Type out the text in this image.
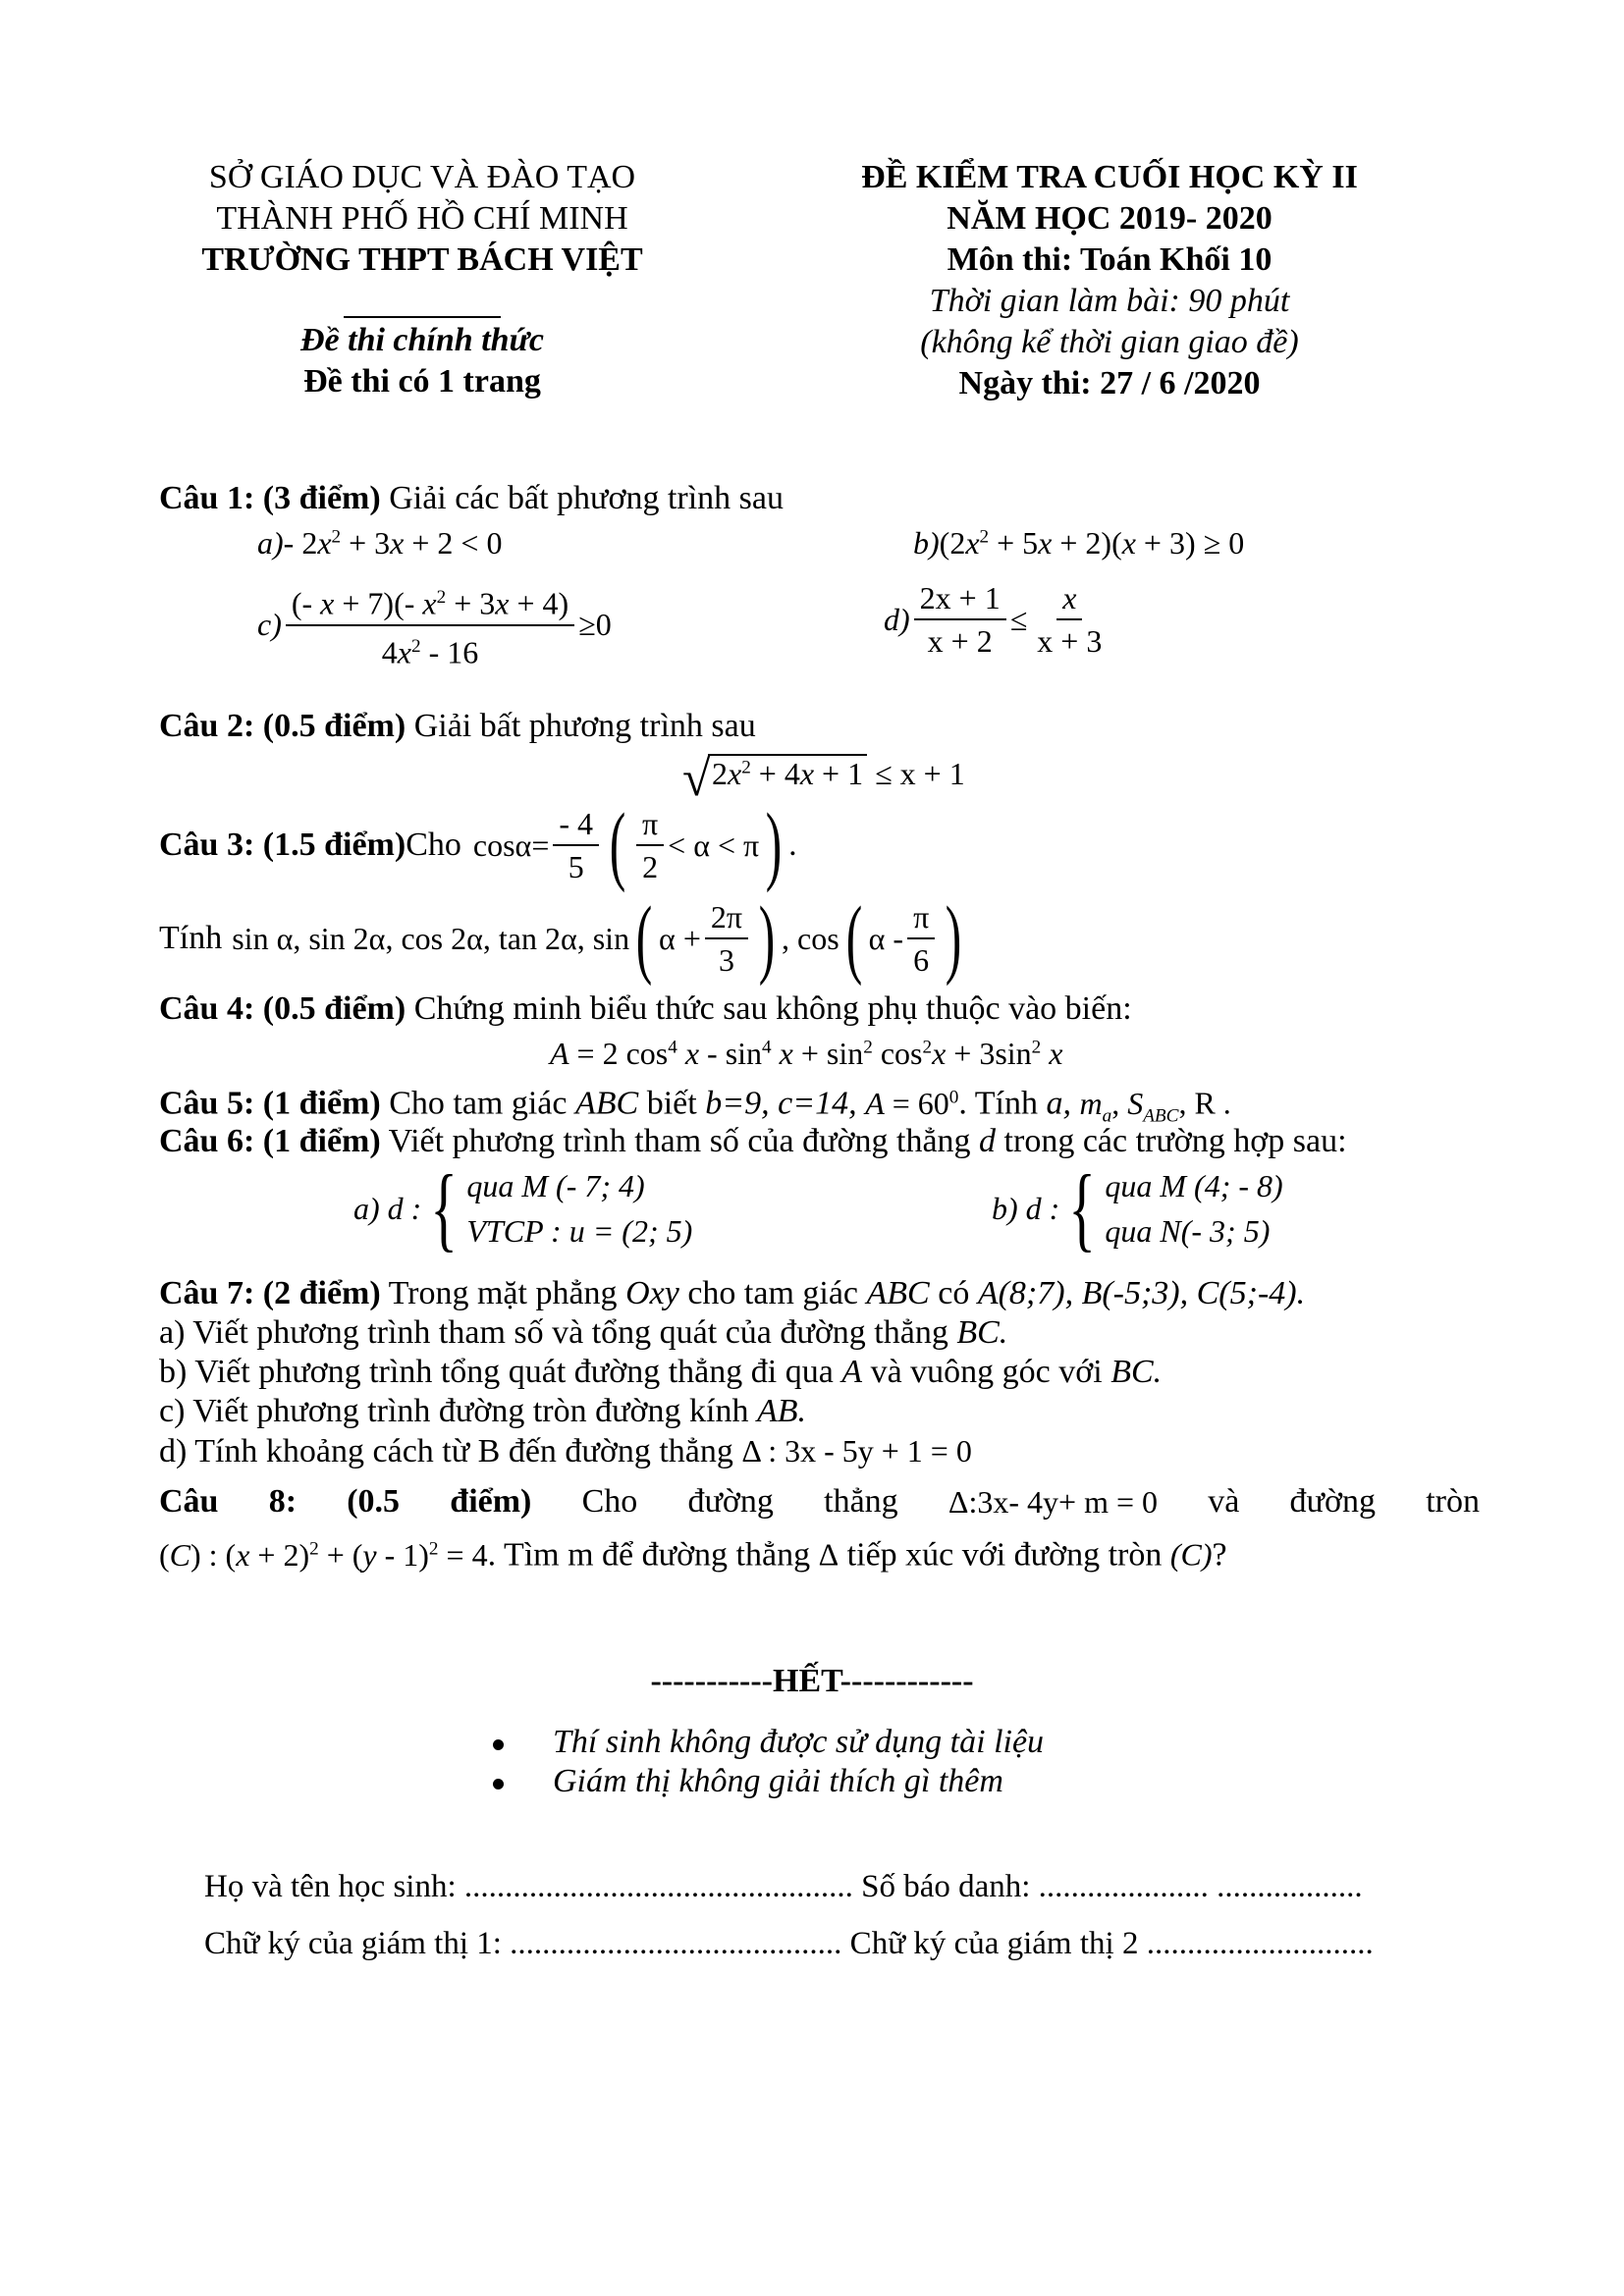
SỞ GIÁO DỤC VÀ ĐÀO TẠO
THÀNH PHỐ HỒ CHÍ MINH
TRƯỜNG THPT BÁCH VIỆT
Đề thi chính thức
Đề thi có 1 trang
ĐỀ KIỂM TRA CUỐI HỌC KỲ II
NĂM HỌC 2019- 2020
Môn thi: Toán Khối 10
Thời gian làm bài: 90 phút
(không kể thời gian giao đề)
Ngày thi: 27 / 6 /2020
Câu 1: (3 điểm) Giải các bất phương trình sau
a)- $2x^2 + 3x + 2 < 0$	$b)(2x^2 + 5x + 2)(x + 3) \ge 0$
$c) \frac{(- x + 7)(- x^2 + 3x + 4)}{4x^2 - 16} \ge 0$	$d) \frac{2x + 1}{x + 2} \le \frac{x}{x + 3}$
Câu 2: (0.5 điểm) Giải bất phương trình sau
√ $2x^2 + 4x + 1 \le x + 1$
Câu 3: (1.5 điểm) Cho $\cos\alpha= \frac{- 4}{5}$ ( $\frac{\pi}{2} < \alpha < \pi$ ) .
Tính sin α, sin 2α, cos 2α, tan 2α, sin ( $\alpha + \frac{2\pi}{3}$ ) , cos ( α - $\frac{\pi}{6}$ )
Câu 4: (0.5 điểm) Chứng minh biểu thức sau không phụ thuộc vào biến:
A = 2 $\cos^4 x - \sin^4 x + \sin^2 \cos^2x + 3\sin^2$ x
Câu 5: (1 điểm) Cho tam giác ABC biết b=9, c=14, $A = 60^0$. Tính a, $m_a$, $S_{ABC}$, R .
Câu 6: (1 điểm) Viết phương trình tham số của đường thẳng d trong các trường hợp sau:
a) d : { qua M (- 7; 4)
VTCP : u = (2; 5)
b) d : { qua M (4; - 8)
qua N(- 3; 5)
Câu 7: (2 điểm) Trong mặt phẳng Oxy cho tam giác ABC có A(8;7), B(-5;3), C(5;-4).
a) Viết phương trình tham số và tổng quát của đường thẳng BC.
b) Viết phương trình tổng quát đường thẳng đi qua A và vuông góc với BC.
c) Viết phương trình đường tròn đường kính AB.
d) Tính khoảng cách từ B đến đường thẳng Δ : 3x - 5y + 1 = 0
Câu 8: (0.5 điểm) Cho đường thẳng Δ:3x- 4y+ m = 0 và đường tròn
(C) : $(x + 2)^2 + (y - 1)^2 = 4$. Tìm m để đường thẳng Δ tiếp xúc với đường tròn (C)?
-----------HẾT------------
Thí sinh không được sử dụng tài liệu
Giám thị không giải thích gì thêm
Họ và tên học sinh: ................................................ Số báo danh: ..................... ..................
Chữ ký của giám thị 1: ......................................... Chữ ký của giám thị 2 ............................
